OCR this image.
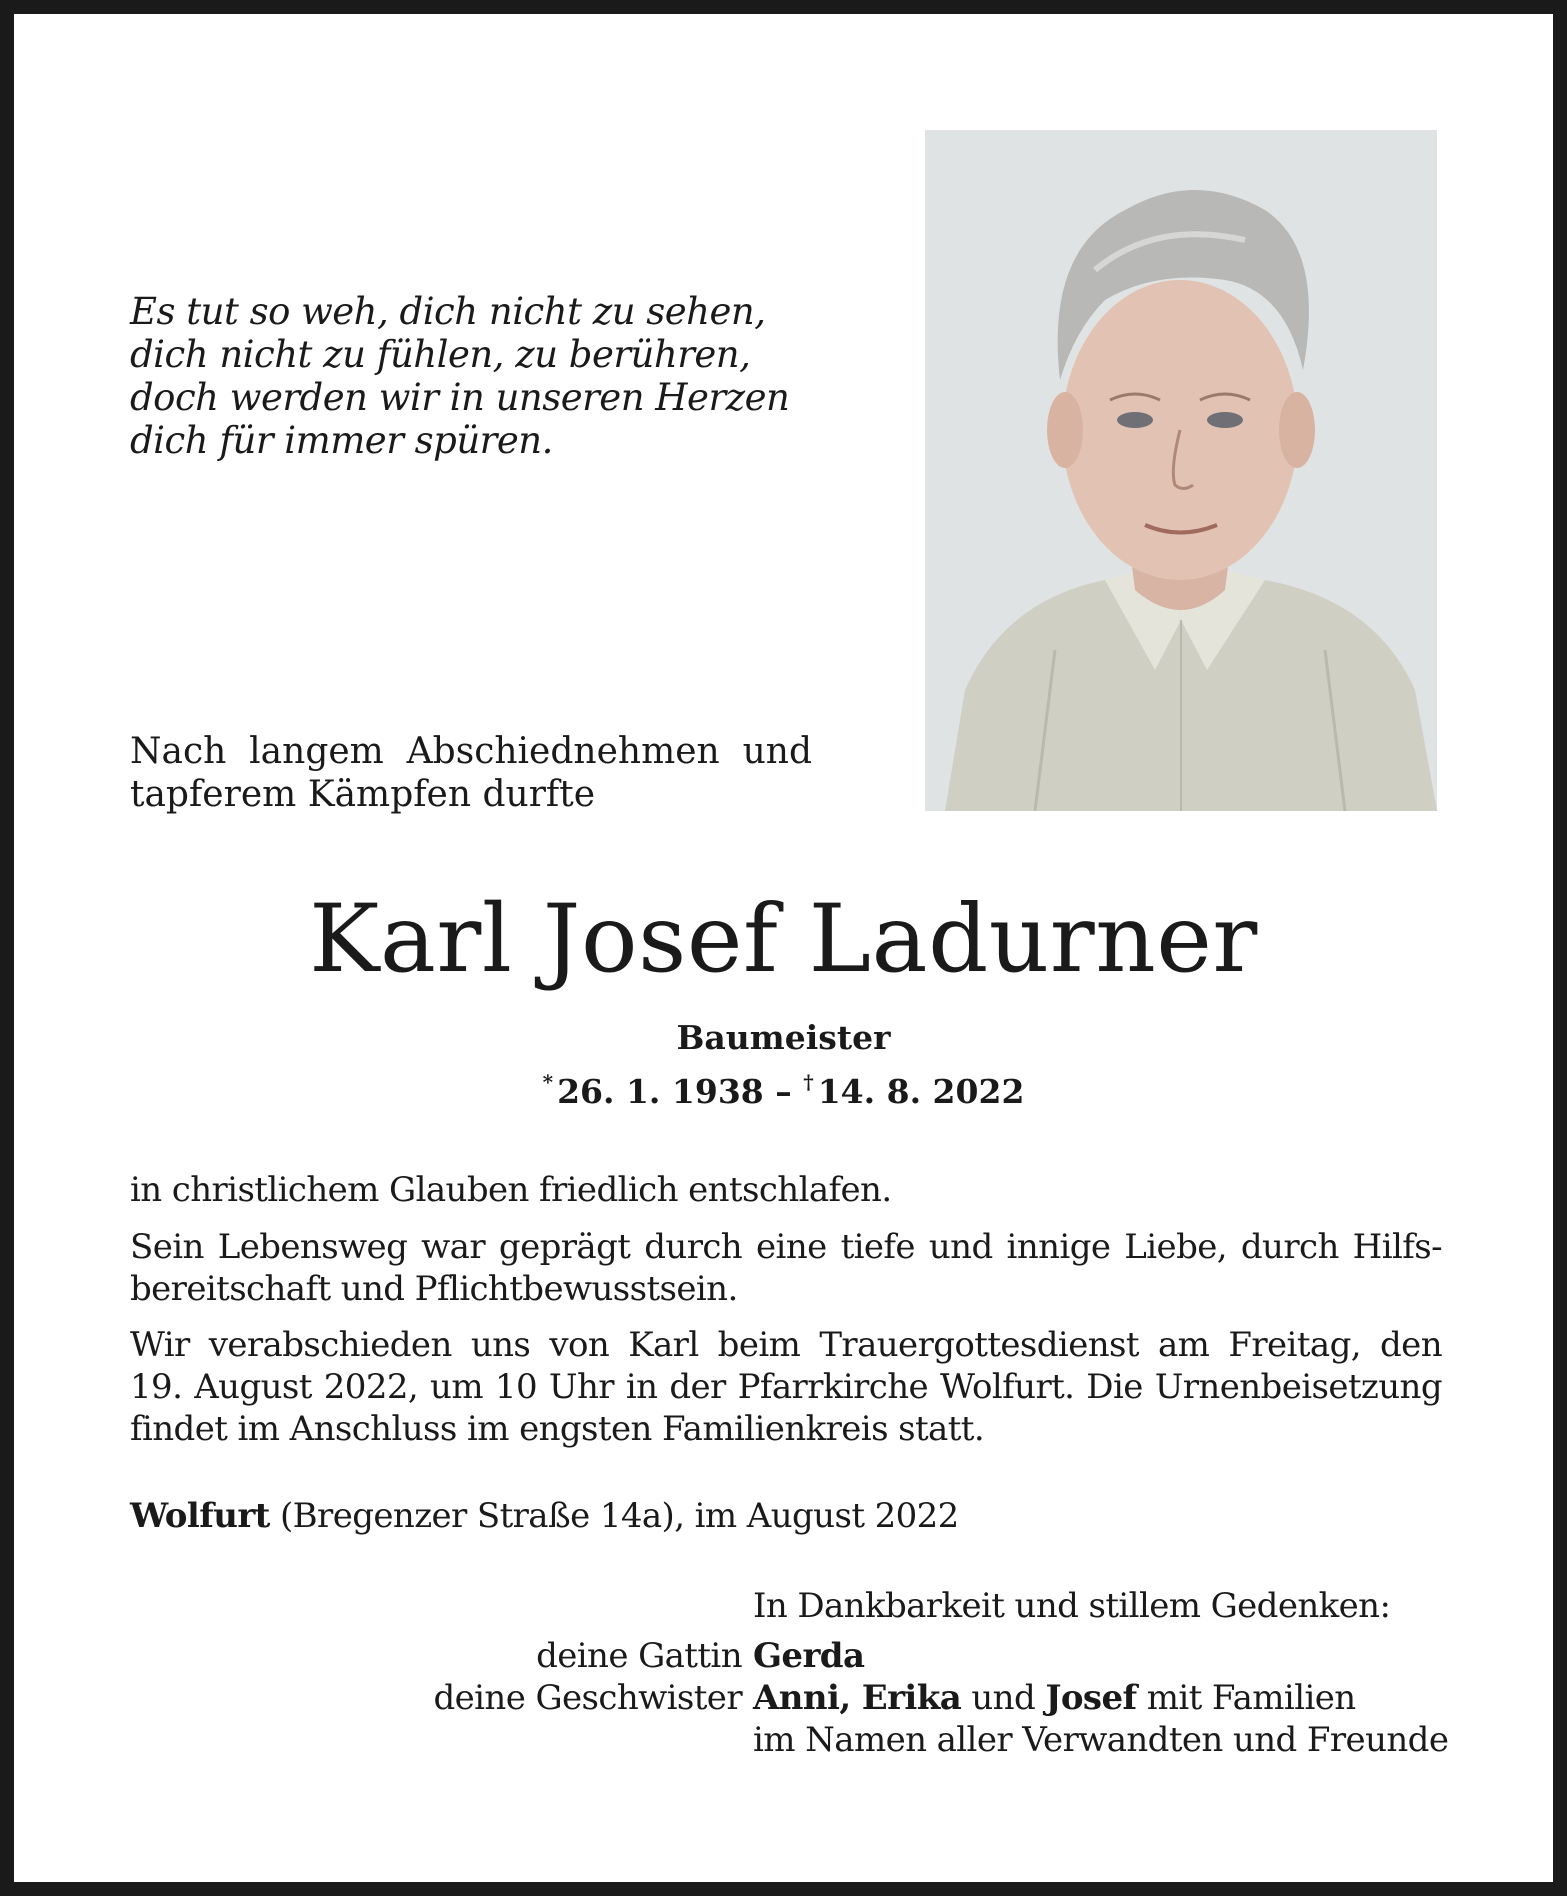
Es tut so weh, dich nicht zu sehen,
dich nicht zu fühlen, zu berühren,
doch werden wir in unseren Herzen
dich für immer spüren.
Nach langem Abschiednehmen und
tapferem Kämpfen durfte
Karl Josef Ladurner
Baumeister
* 26. 1. 1938 – † 14. 8. 2022
in christlichem Glauben friedlich entschlafen.
Sein Lebensweg war geprägt durch eine tiefe und innige Liebe, durch Hilfs-
bereitschaft und Pflichtbewusstsein.
Wir verabschieden uns von Karl beim Trauergottesdienst am Freitag, den
19. August 2022, um 10 Uhr in der Pfarrkirche Wolfurt. Die Urnenbeisetzung
findet im Anschluss im engsten Familienkreis statt.
Wolfurt (Bregenzer Straße 14a), im August 2022
In Dankbarkeit und stillem Gedenken:
deine Gattin Gerda
deine Geschwister Anni, Erika und Josef mit Familien
im Namen aller Verwandten und Freunde
